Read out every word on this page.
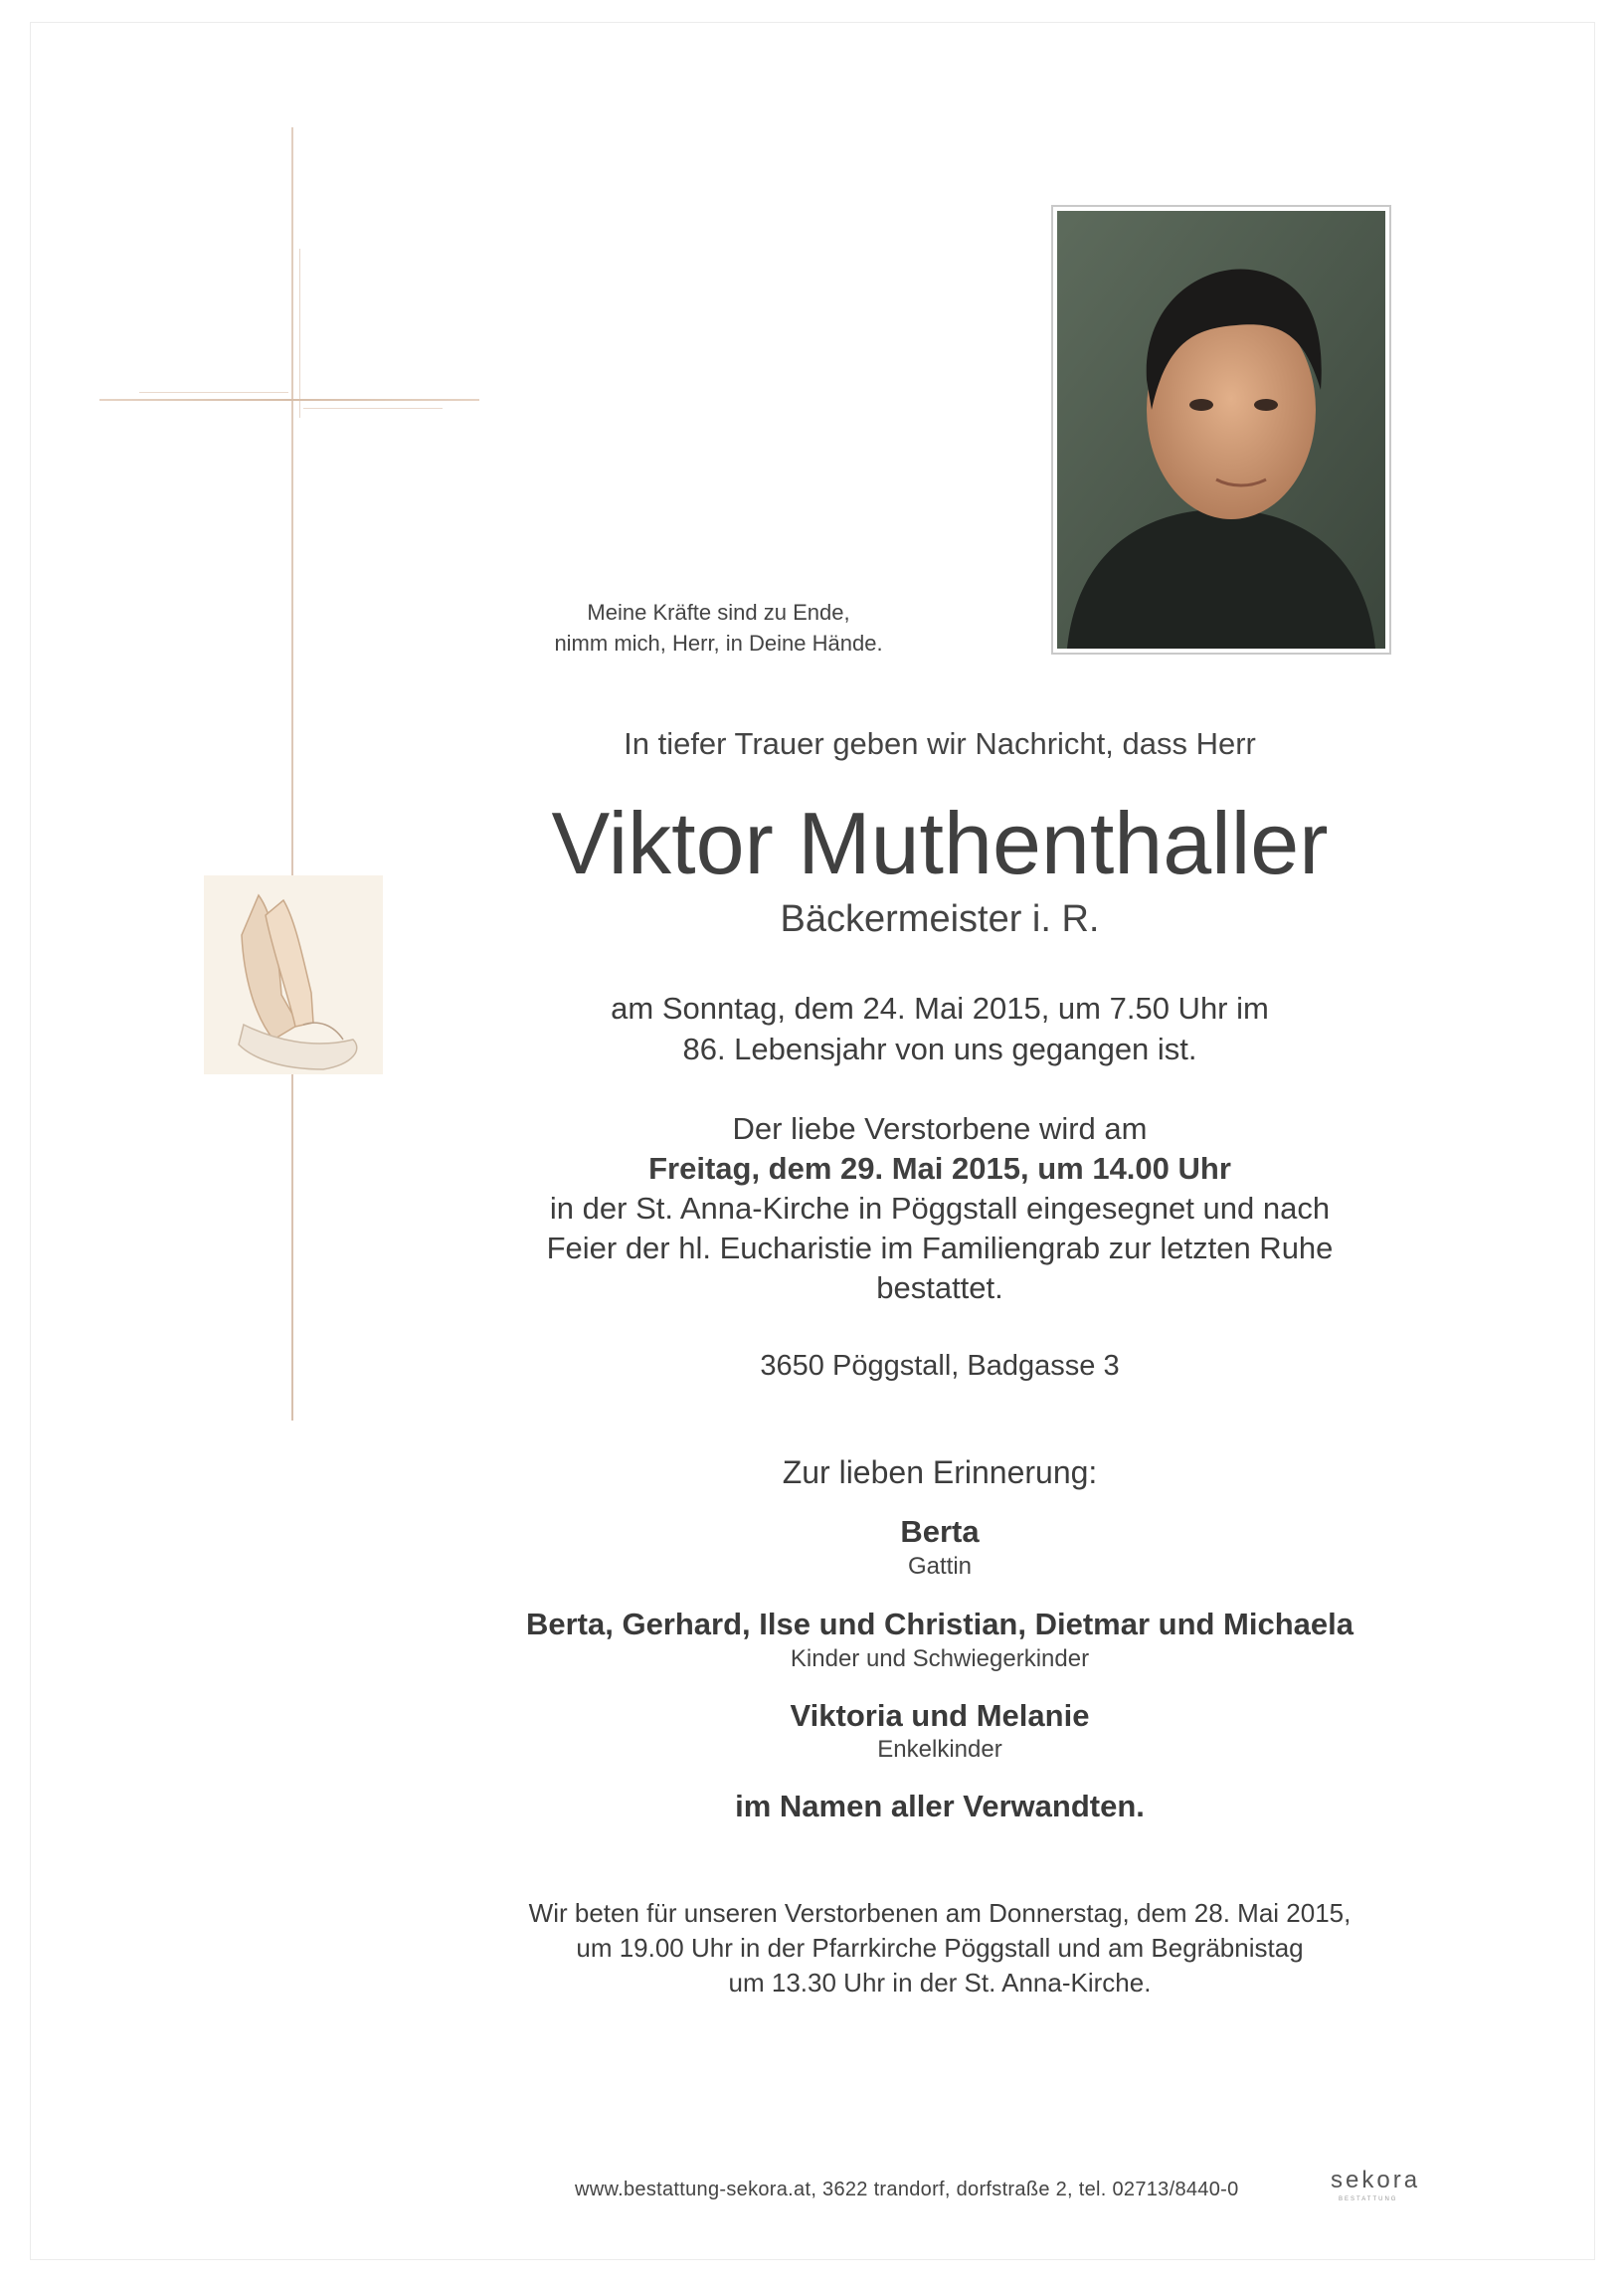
Meine Kräfte sind zu Ende,
nimm mich, Herr, in Deine Hände.
In tiefer Trauer geben wir Nachricht, dass Herr
Viktor Muthenthaller
Bäckermeister i. R.
am Sonntag, dem 24. Mai 2015, um 7.50 Uhr im
86. Lebensjahr von uns gegangen ist.
Der liebe Verstorbene wird am
Freitag, dem 29. Mai 2015, um 14.00 Uhr
in der St. Anna-Kirche in Pöggstall eingesegnet und nach
Feier der hl. Eucharistie im Familiengrab zur letzten Ruhe
bestattet.
3650 Pöggstall, Badgasse 3
Zur lieben Erinnerung:
Berta
Gattin
Berta, Gerhard, Ilse und Christian, Dietmar und Michaela
Kinder und Schwiegerkinder
Viktoria und Melanie
Enkelkinder
im Namen aller Verwandten.
Wir beten für unseren Verstorbenen am Donnerstag, dem 28. Mai 2015,
um 19.00 Uhr in der Pfarrkirche Pöggstall und am Begräbnistag
um 13.30 Uhr in der St. Anna-Kirche.
www.bestattung-sekora.at, 3622 trandorf, dorfstraße 2, tel. 02713/8440-0	sekora
BESTATTUNG
